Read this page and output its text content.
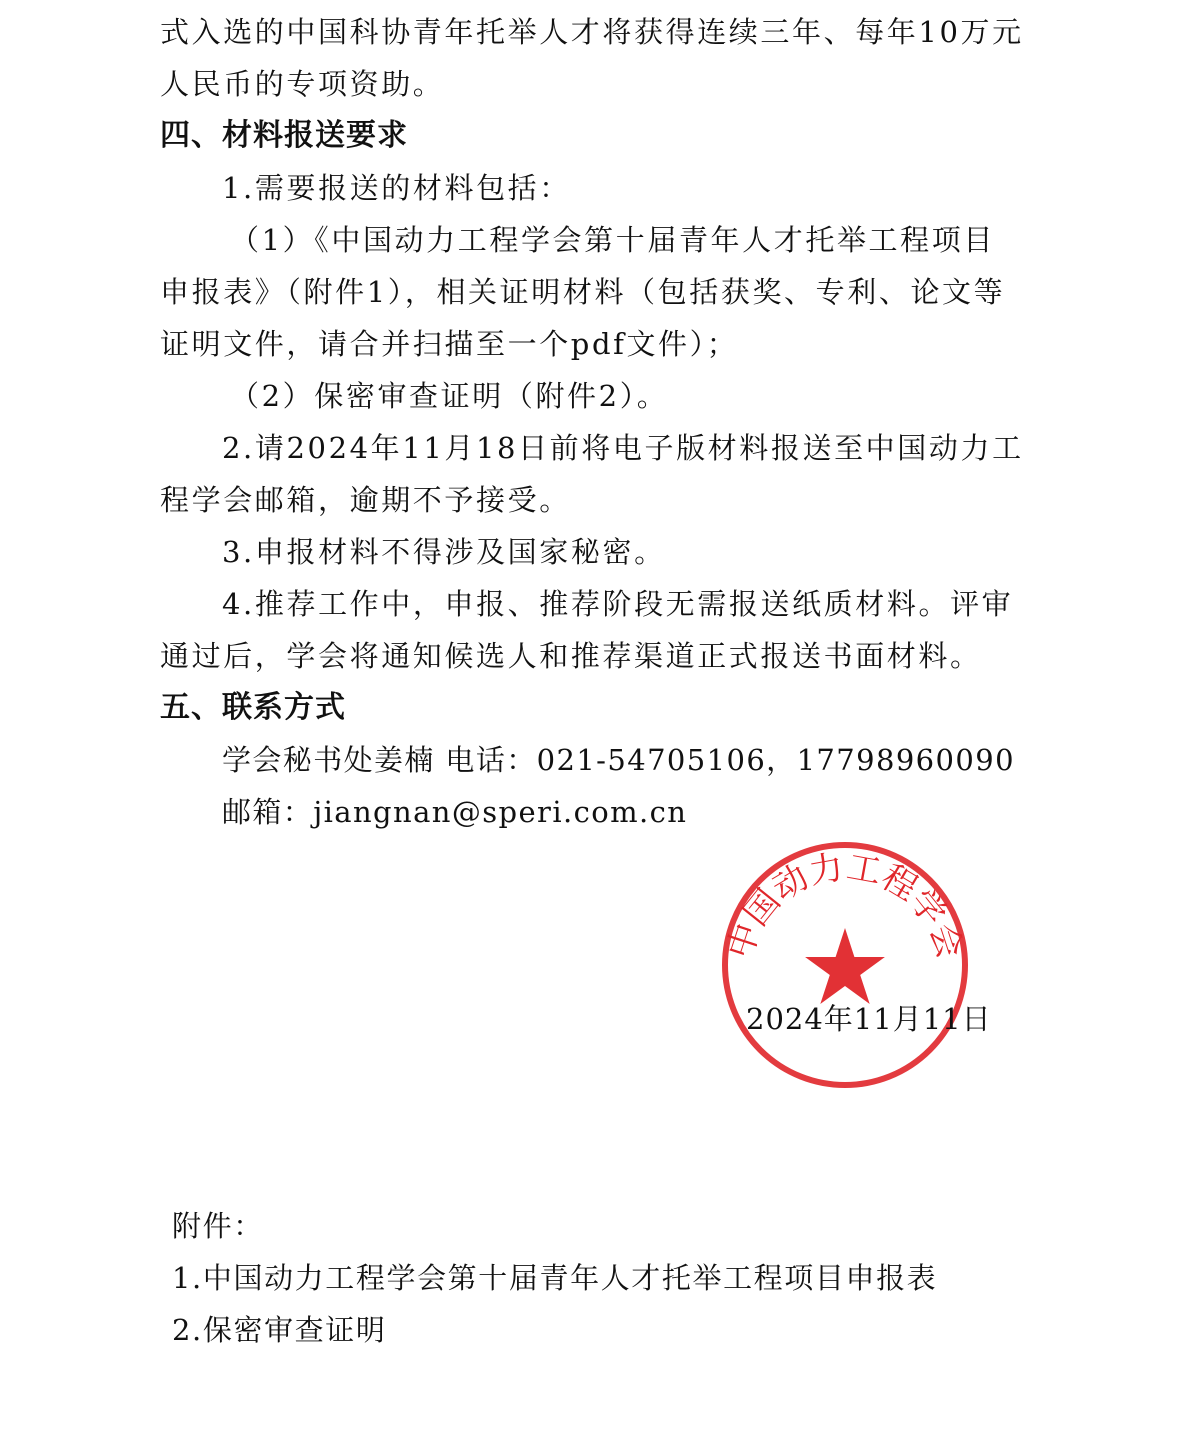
式入选的中国科协青年托举人才将获得连续三年、每年10万元
人民币的专项资助。
四、材料报送要求
1.需要报送的材料包括：
（1）《中国动力工程学会第十届青年人才托举工程项目
申报表》（附件1），相关证明材料（包括获奖、专利、论文等
证明文件，请合并扫描至一个pdf文件）；
（2）保密审查证明（附件2）。
2.请2024年11月18日前将电子版材料报送至中国动力工
程学会邮箱，逾期不予接受。
3.申报材料不得涉及国家秘密。
4.推荐工作中，申报、推荐阶段无需报送纸质材料。评审
通过后，学会将通知候选人和推荐渠道正式报送书面材料。
五、联系方式
学会秘书处姜楠 电话：021-54705106，17798960090
邮箱：jiangnan@speri.com.cn
中国动力工程学会
2024年11月11日
附件：
1.中国动力工程学会第十届青年人才托举工程项目申报表
2.保密审查证明
